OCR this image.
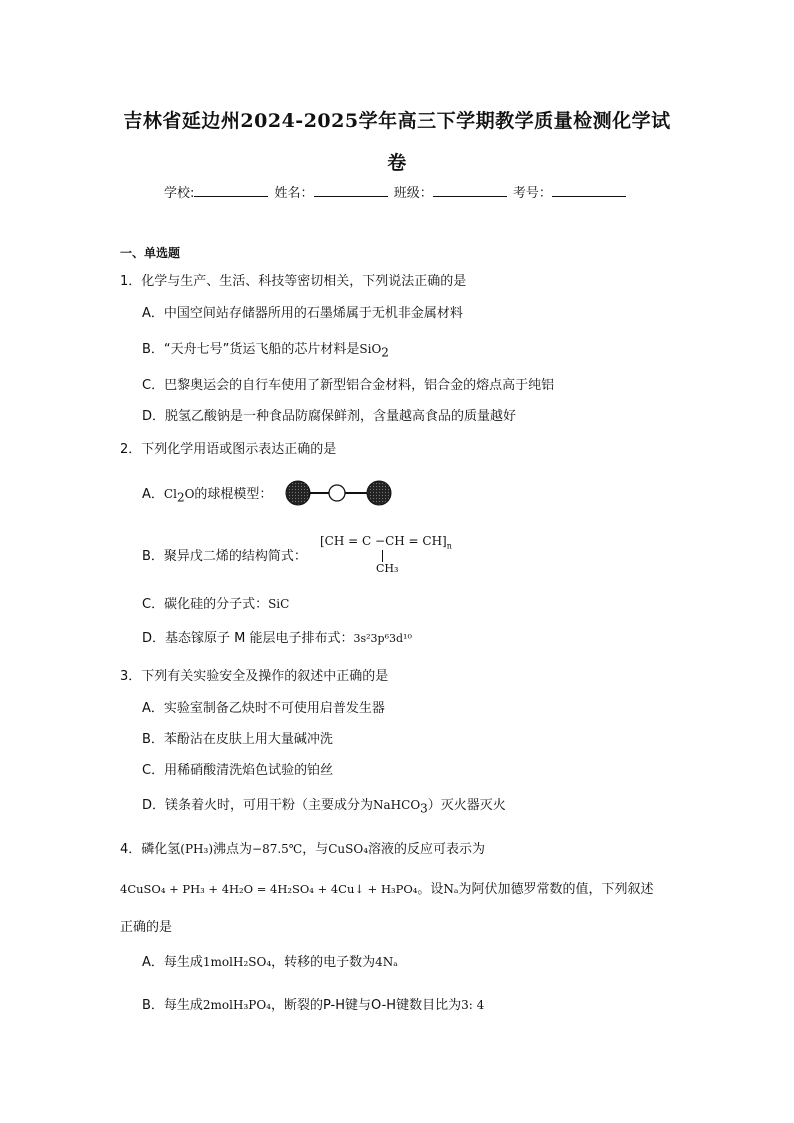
吉林省延边州2024-2025学年高三下学期教学质量检测化学试
卷
学校:	姓名：	班级：	考号：
一、单选题
1．化学与生产、生活、科技等密切相关，下列说法正确的是
A．中国空间站存储器所用的石墨烯属于无机非金属材料
B．“天舟七号”货运飞船的芯片材料是SiO$_2$
C．巴黎奥运会的自行车使用了新型铝合金材料，铝合金的熔点高于纯铝
D．脱氢乙酸钠是一种食品防腐保鲜剂，含量越高食品的质量越好
2．下列化学用语或图示表达正确的是
A．$Cl_2O$的球棍模型：
B．聚异戊二烯的结构简式：
$[CH = C -CH = CH]_n$
CH₃
C．碳化硅的分子式：SiC
D．基态镓原子 M 能层电子排布式：3s²3p⁶3d¹⁰
3．下列有关实验安全及操作的叙述中正确的是
A．实验室制备乙炔时不可使用启普发生器
B．苯酚沾在皮肤上用大量碱冲洗
C．用稀硝酸清洗焰色试验的铂丝
D．镁条着火时，可用干粉（主要成分为NaHCO$_3$）灭火器灭火
4．磷化氢(PH₃)沸点为−87.5℃，与CuSO₄溶液的反应可表示为
4CuSO₄ + PH₃ + 4H₂O = 4H₂SO₄ + 4Cu↓ + H₃PO₄。设Nₐ为阿伏加德罗常数的值，下列叙述
正确的是
A．每生成1molH₂SO₄，转移的电子数为4Nₐ
B．每生成2molH₃PO₄，断裂的P-H键与O-H键数目比为3: 4
